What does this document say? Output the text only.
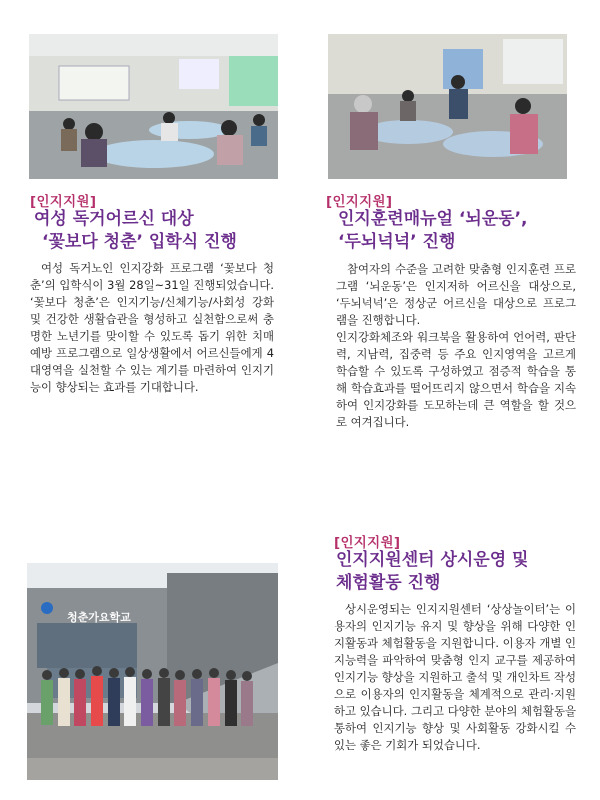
[인지지원]
여성 독거어르신 대상
‘꽃보다 청춘’ 입학식 진행

여성 독거노인 인지강화 프로그램 ‘꽃보다 청춘’의 입학식이 3월 28일~31일 진행되었습니다. ‘꽃보다 청춘’은 인지기능/신체기능/사회성 강화 및 건강한 생활습관을 형성하고 실천함으로써 충명한 노년기를 맞이할 수 있도록 돕기 위한 치매예방 프로그램으로 일상생활에서 어르신들에게 4대영역을 실천할 수 있는 계기를 마련하여 인지기능이 향상되는 효과를 기대합니다.

[인지지원]
인지훈련매뉴얼 ‘뇌운동’,
‘두뇌넉넉’ 진행

참여자의 수준을 고려한 맞춤형 인지훈련 프로그램 ‘뇌운동’은 인지저하 어르신을 대상으로, ‘두뇌넉넉’은 정상군 어르신을 대상으로 프로그램을 진행합니다.
인지강화체조와 워크북을 활용하여 언어력, 판단력, 지남력, 집중력 등 주요 인지영역을 고르게 학습할 수 있도록 구성하였고 점증적 학습을 통해 학습효과를 떨어뜨리지 않으면서 학습을 지속하여 인지강화를 도모하는데 큰 역할을 할 것으로 여겨집니다.

청춘가요학교
[인지지원]
인지지원센터 상시운영 및
체험활동 진행

상시운영되는 인지지원센터 ‘상상놀이터’는 이용자의 인지기능 유지 및 향상을 위해 다양한 인지활동과 체험활동을 지원합니다. 이용자 개별 인지능력을 파악하여 맞춤형 인지 교구를 제공하여 인지기능 향상을 지원하고 출석 및 개인차트 작성으로 이용자의 인지활동을 체계적으로 관리·지원하고 있습니다. 그리고 다양한 분야의 체험활동을 통하여 인지기능 향상 및 사회활동 강화시킬 수 있는 좋은 기회가 되었습니다.
